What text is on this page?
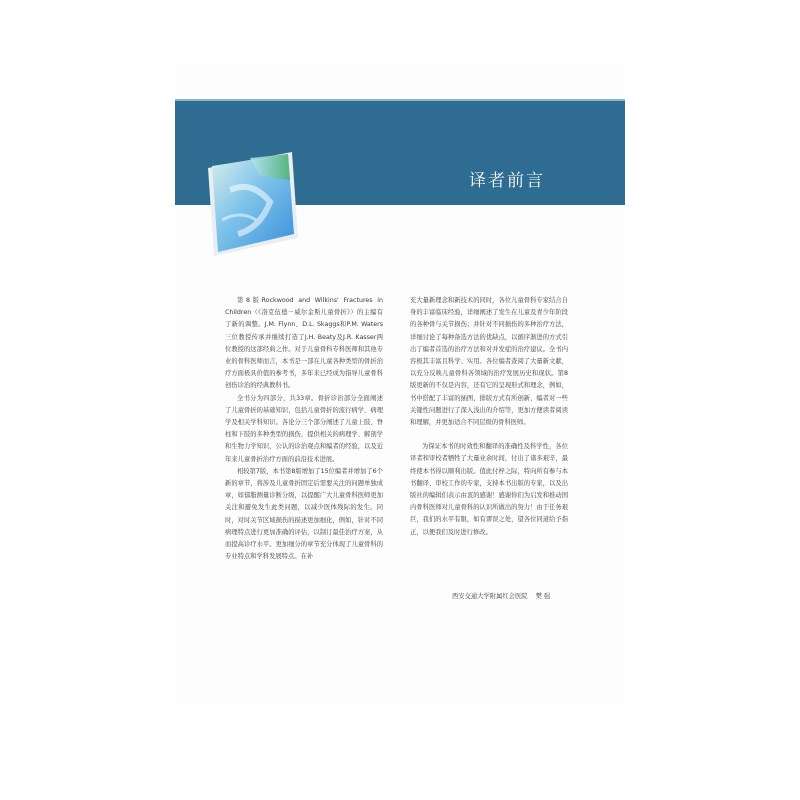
译者前言

第8版Rockwood and Wilkins' Fractures in Children（《洛克伍德－威尔金斯儿童骨折》）的主编有了新的调整。J.M. Flynn、D.L. Skaggs和P.M. Waters三位教授传承并继续打造了J.H. Beaty及J.R. Kasser两位教授的这部经典之作。对于儿童骨科专科医师和其他专业的骨科医师而言，本书是一部在儿童各种类型的骨折治疗方面极具价值的参考书，多年来已经成为指导儿童骨科创伤诊治的经典教科书。

全书分为四部分，共33章。骨折诊治部分全面阐述了儿童骨折的基础知识，包括儿童骨折的流行病学、病理学及相关学科知识。各论分三个部分阐述了儿童上肢、脊柱和下肢的多种类型的损伤，提供相关的病理学、解剖学和生物力学知识，公认的诊治观点和编者的经验，以及近年来儿童骨折治疗方面的前沿技术进展。

相较第7版，本书第8版增加了15位编者并增加了6个新的章节，将涉及儿童骨折固定后需要关注的问题单独成章，如郁脂测量诊断分级，以提醒广大儿童骨科医师更加关注和避免发生此类问题，以减少医体残际的发生。同时，对时关节区域损伤的描述更加细化，例如，针对不同病理特点进行更加准确的评估，以制订最佳治疗方案，从而提高诊疗水平。更加细分的章节充分体现了儿童骨科的专业特点和学科发展特点。在补

充大量新理念和新技术的同时，各位儿童骨科专家结合自身的丰富临床经验，详细阐述了发生在儿童及青少年阶段的各种骨与关节损伤；并针对不同损伤的多种治疗方法，详细讨论了每种备选方法的优缺点，以循序渐进的方式引出了编者首选的治疗方法和对并发症的治疗建议。全书内容极其丰富且科学、实用。各位编者查阅了大量新文献，以充分反映儿童骨科各领域的治疗发展历史和现状。第8版更新的不仅是内容，还有它的呈现形式和理念，例如，书中搭配了丰富的插图，排版方式有所创新，编者对一些关键性问题进行了深入浅出的介绍等，更加方便读者阅读和理解，并更加适合不同层级的骨科医师。

为保证本书的时效性和翻译的准确性及科学性，各位译者和审校者牺牲了大量业余时间，付出了诸多艰辛，最终使本书得以顺利出版。值此付梓之际，特向所有参与本书翻译、审校工作的专家，支持本书出版的专家，以及出版社的编辑们表示由衷的感谢！感谢你们为启发和推动国内骨科医师对儿童骨科的认识所做出的努力！由于任务艰巨，我们的水平有限，如有谬误之处，望各位同道给予指正，以便我们及时进行修改。

西安交通大学附属红会医院 樊 强
